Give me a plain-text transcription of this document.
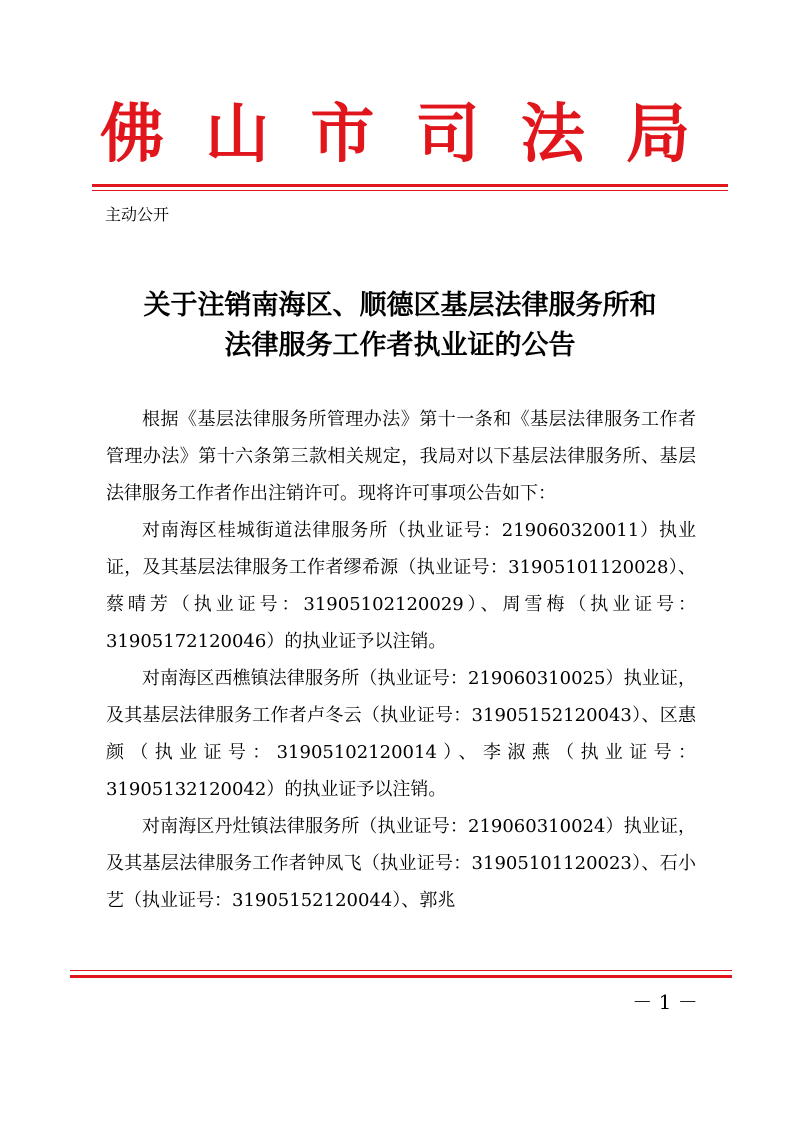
佛 山 市 司 法 局
主动公开
关于注销南海区、顺德区基层法律服务所和
法律服务工作者执业证的公告

根据《基层法律服务所管理办法》第十一条和《基层法律服务工作者管理办法》第十六条第三款相关规定，我局对以下基层法律服务所、基层法律服务工作者作出注销许可。现将许可事项公告如下：

对南海区桂城街道法律服务所（执业证号：219060320011）执业证，及其基层法律服务工作者缪希源（执业证号：31905101120028）、蔡晴芳（执业证号：31905102120029）、周雪梅（执业证号：31905172120046）的执业证予以注销。

对南海区西樵镇法律服务所（执业证号：219060310025）执业证，及其基层法律服务工作者卢冬云（执业证号：31905152120043）、区惠颜（执业证号：31905102120014）、李淑燕（执业证号：31905132120042）的执业证予以注销。

对南海区丹灶镇法律服务所（执业证号：219060310024）执业证，及其基层法律服务工作者钟凤飞（执业证号：31905101120023）、石小艺（执业证号：31905152120044）、郭兆

－ 1 －
